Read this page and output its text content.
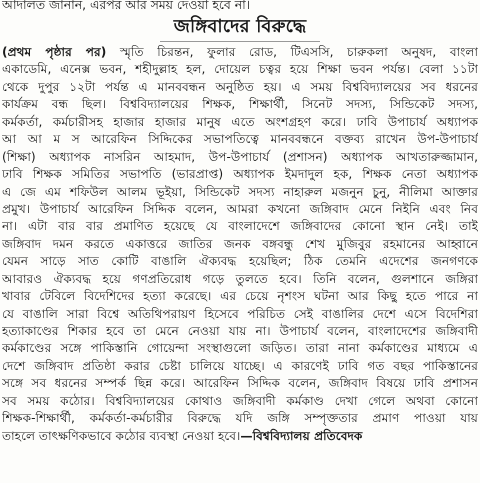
আদালত জানান, এরপর আর সময় দেওয়া হবে না।
জঙ্গিবাদের বিরুদ্ধে
(প্রথম পৃষ্ঠার পর) স্মৃতি চিরন্তন, ফুলার রোড, টিএসসি, চারুকলা অনুষদ, বাংলা
একাডেমি, এনেক্স ভবন, শহীদুল্লাহ হল, দোয়েল চত্বর হয়ে শিক্ষা ভবন পর্যন্ত। বেলা ১১টা
থেকে দুপুর ১২টা পর্যন্ত এ মানববন্ধন অনুষ্ঠিত হয়। এ সময় বিশ্ববিদ্যালয়ের সব ধরনের
কার্যক্রম বন্ধ ছিল। বিশ্ববিদ্যালয়ের শিক্ষক, শিক্ষার্থী, সিনেট সদস্য, সিন্ডিকেট সদস্য,
কর্মকর্তা, কর্মচারীসহ হাজার হাজার মানুষ এতে অংশগ্রহণ করে। ঢাবি উপাচার্য অধ্যাপক
আ আ ম স আরেফিন সিদ্দিকের সভাপতিত্বে মানববন্ধনে বক্তব্য রাখেন উপ-উপাচার্য
(শিক্ষা) অধ্যাপক নাসরিন আহমাদ, উপ-উপাচার্য (প্রশাসন) অধ্যাপক আখতারুজ্জামান,
ঢাবি শিক্ষক সমিতির সভাপতি (ভারপ্রাপ্ত) অধ্যাপক ইমদাদুল হক, শিক্ষক নেতা অধ্যাপক
এ জে এম শফিউল আলম ভূইয়া, সিন্ডিকেট সদস্য নাহারুল মজনুন চুনু, নীলিমা আক্তার
প্রমুখ। উপাচার্য আরেফিন সিদ্দিক বলেন, আমরা কখনো জঙ্গিবাদ মেনে নিইনি এবং নিব
না। এটা বার বার প্রমাণিত হয়েছে যে বাংলাদেশে জঙ্গিবাদের কোনো স্থান নেই। তাই
জঙ্গিবাদ দমন করতে একাত্তরে জাতির জনক বঙ্গবন্ধু শেখ মুজিবুর রহমানের আহ্বানে
যেমন সাড়ে সাত কোটি বাঙালি ঐক্যবদ্ধ হয়েছিল; ঠিক তেমনি এদেশের জনগণকে
আবারও ঐক্যবদ্ধ হয়ে গণপ্রতিরোধ গড়ে তুলতে হবে। তিনি বলেন, গুলশানে জঙ্গিরা
খাবার টেবিলে বিদেশিদের হত্যা করেছে। এর চেয়ে নৃশংস ঘটনা আর কিছু হতে পারে না
যে বাঙালি সারা বিশ্বে অতিথিপরায়ণ হিসেবে পরিচিত সেই বাঙালির দেশে এসে বিদেশিরা
হত্যাকাণ্ডের শিকার হবে তা মেনে নেওয়া যায় না। উপাচার্য বলেন, বাংলাদেশের জঙ্গিবাদী
কর্মকাণ্ডের সঙ্গে পাকিস্তানি গোয়েন্দা সংস্থাগুলো জড়িত। তারা নানা কর্মকাণ্ডের মাধ্যমে এ
দেশে জঙ্গিবাদ প্রতিষ্ঠা করার চেষ্টা চালিয়ে যাচ্ছে। এ কারণেই ঢাবি গত বছর পাকিস্তানের
সঙ্গে সব ধরনের সম্পর্ক ছিন্ন করে। আরেফিন সিদ্দিক বলেন, জঙ্গিবাদ বিষয়ে ঢাবি প্রশাসন
সব সময় কঠোর। বিশ্ববিদ্যালয়ের কোথাও জঙ্গিবাদী কর্মকাণ্ড দেখা গেলে অথবা কোনো
শিক্ষক-শিক্ষার্থী, কর্মকর্তা-কর্মচারীর বিরুদ্ধে যদি জঙ্গি সম্পৃক্ততার প্রমাণ পাওয়া যায়
তাহলে তাৎক্ষণিকভাবে কঠোর ব্যবস্থা নেওয়া হবে।—বিশ্ববিদ্যালয় প্রতিবেদক
